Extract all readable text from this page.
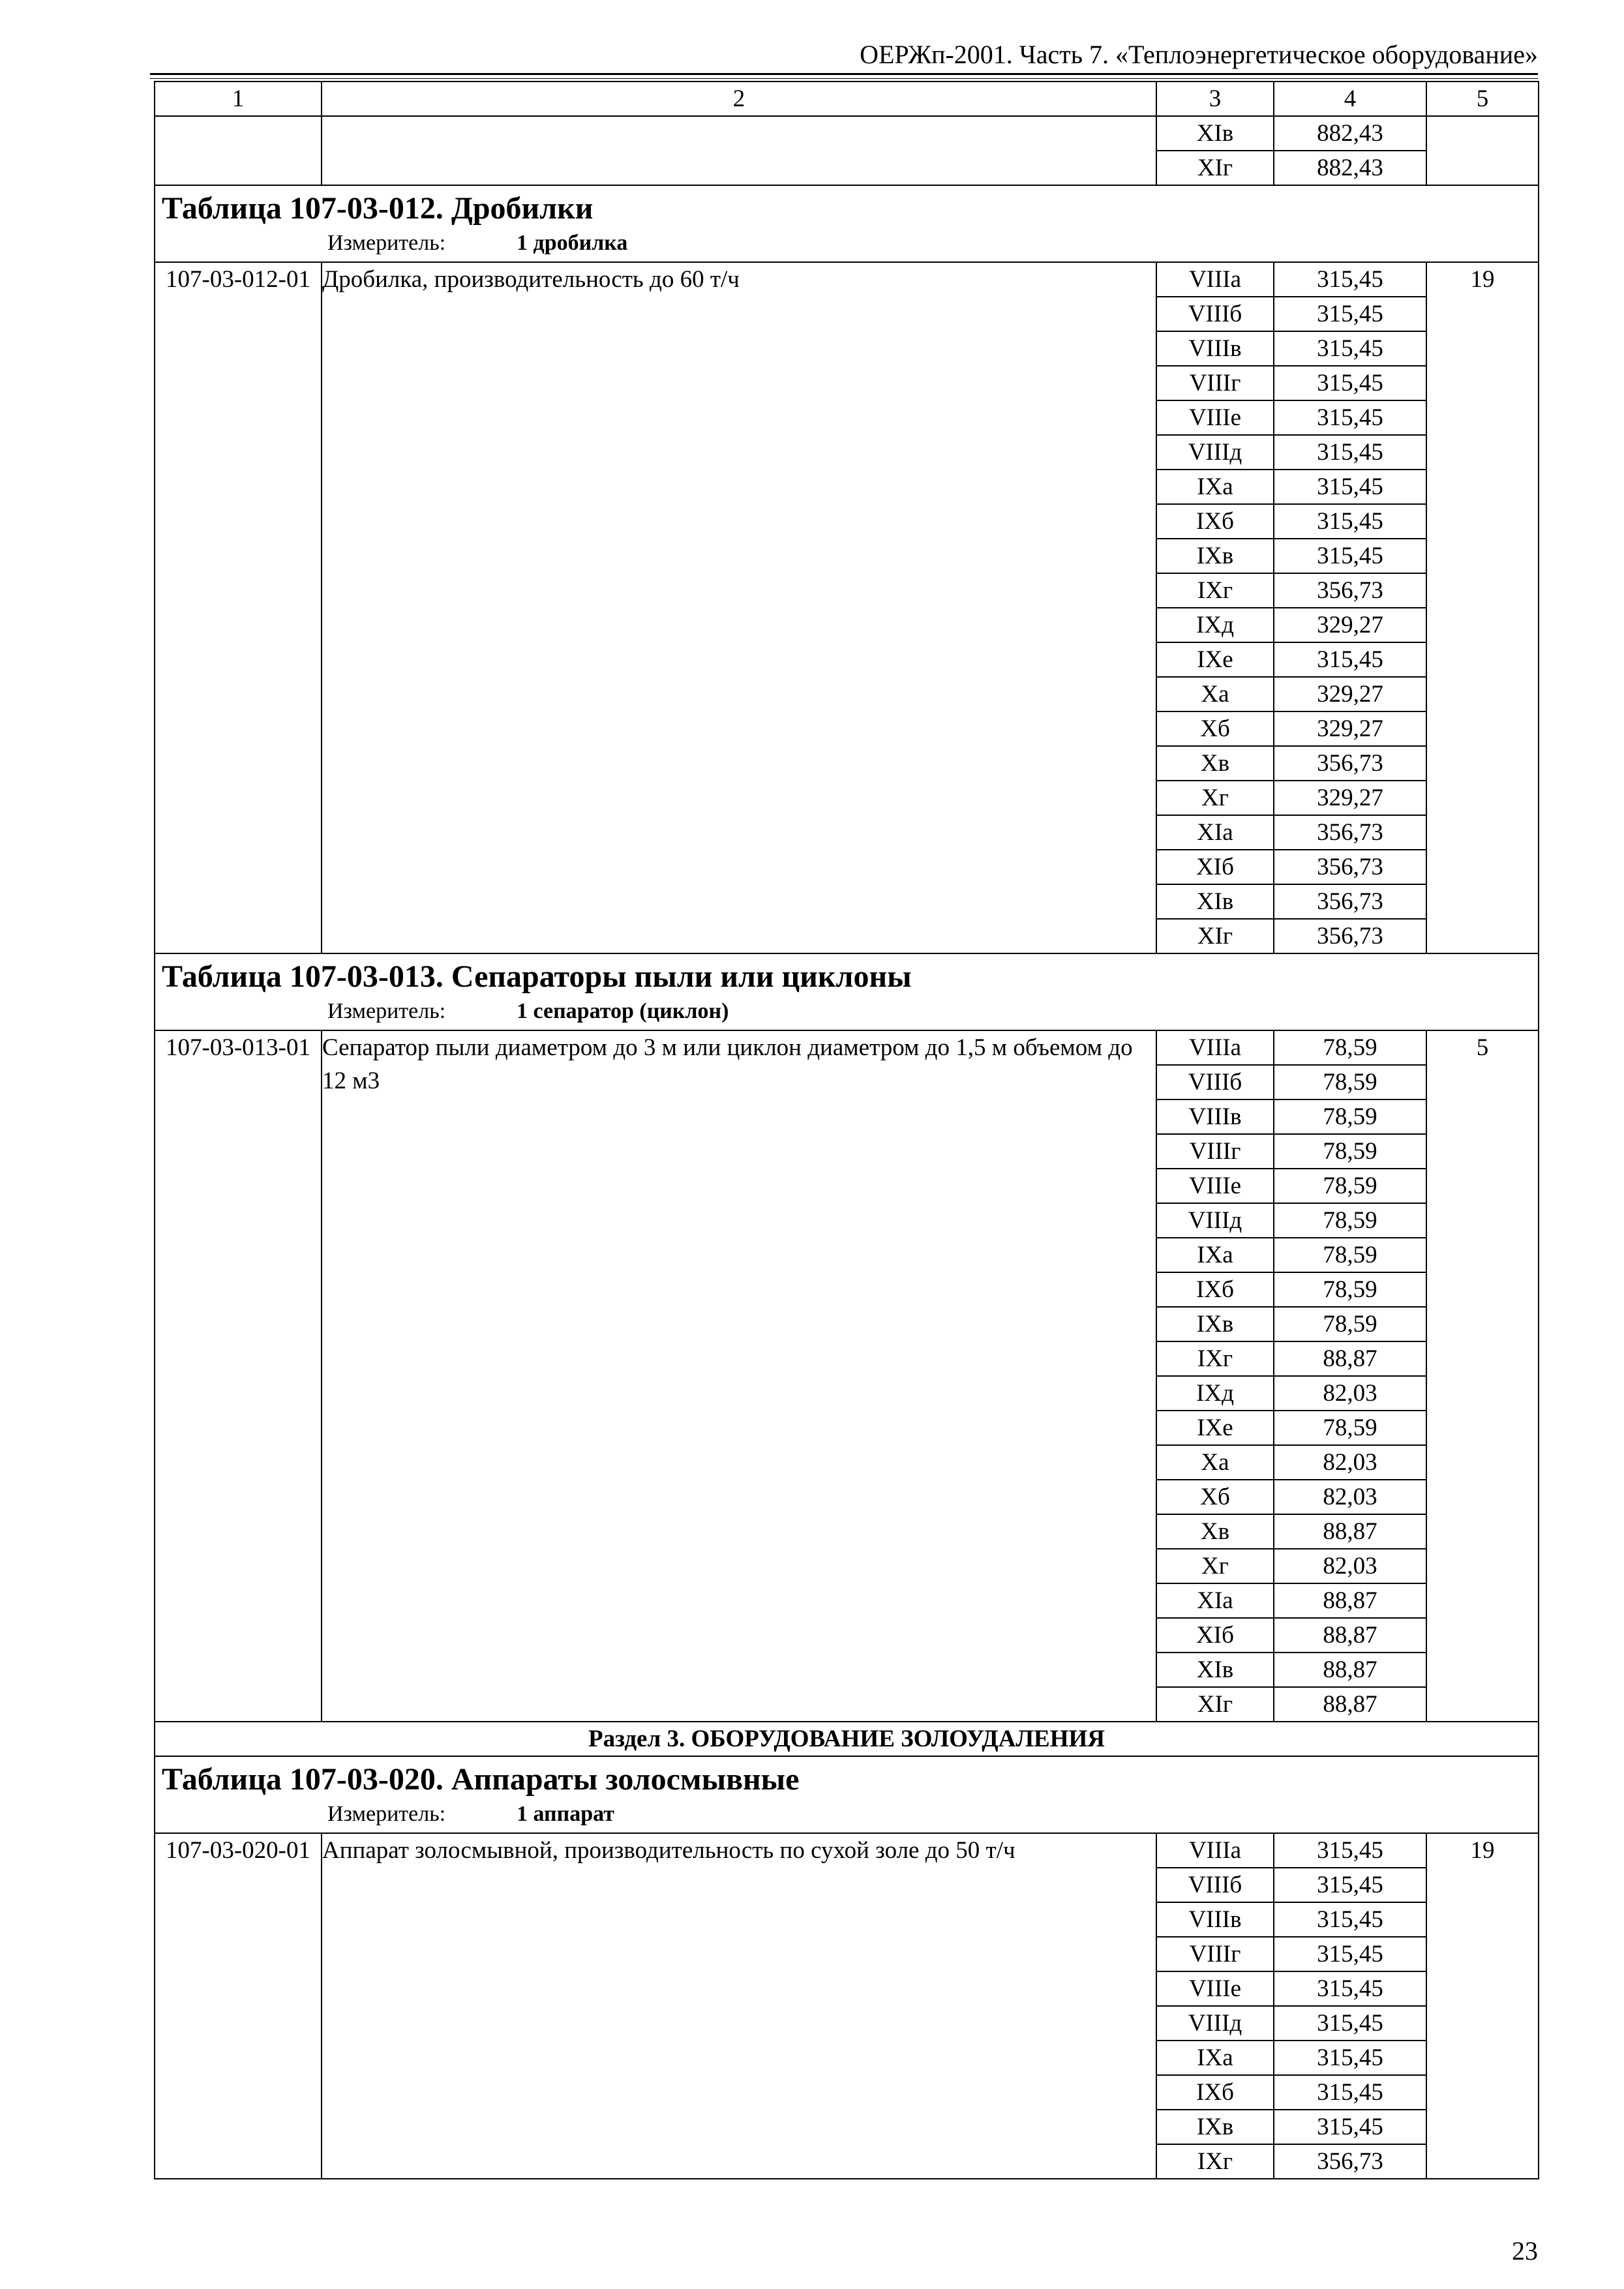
ОЕРЖп-2001. Часть 7. «Теплоэнергетическое оборудование»
1	2	3	4	5
		XIв	882,43	
		XIг	882,43	

Таблица 107-03-012. Дробилки
Измеритель: 1 дробилка				

107-03-012-01	Дробилка, производительность до 60 т/ч	VIIIа	315,45	19
		VIIIб	315,45	
		VIIIв	315,45	
		VIIIг	315,45	
		VIIIе	315,45	
		VIIIд	315,45	
		IXа	315,45	
		IXб	315,45	
		IXв	315,45	
		IXг	356,73	
		IXд	329,27	
		IXе	315,45	
		Xа	329,27	
		Xб	329,27	
		Xв	356,73	
		Xг	329,27	
		XIа	356,73	
		XIб	356,73	
		XIв	356,73	
		XIг	356,73	

Таблица 107-03-013. Сепараторы пыли или циклоны
Измеритель: 1 сепаратор (циклон)				

107-03-013-01	Сепаратор пыли диаметром до 3 м или циклон диаметром до 1,5 м объемом до 12 м3	VIIIа	78,59	5
		VIIIб	78,59	
		VIIIв	78,59	
		VIIIг	78,59	
		VIIIе	78,59	
		VIIIд	78,59	
		IXа	78,59	
		IXб	78,59	
		IXв	78,59	
		IXг	88,87	
		IXд	82,03	
		IXе	78,59	
		Xа	82,03	
		Xб	82,03	
		Xв	88,87	
		Xг	82,03	
		XIа	88,87	
		XIб	88,87	
		XIв	88,87	
		XIг	88,87	
Раздел 3. ОБОРУДОВАНИЕ ЗОЛОУДАЛЕНИЯ				

Таблица 107-03-020. Аппараты золосмывные
Измеритель: 1 аппарат				

107-03-020-01	Аппарат золосмывной, производительность по сухой золе до 50 т/ч	VIIIа	315,45	19
		VIIIб	315,45	
		VIIIв	315,45	
		VIIIг	315,45	
		VIIIе	315,45	
		VIIIд	315,45	
		IXа	315,45	
		IXб	315,45	
		IXв	315,45	
		IXг	356,73	
23
